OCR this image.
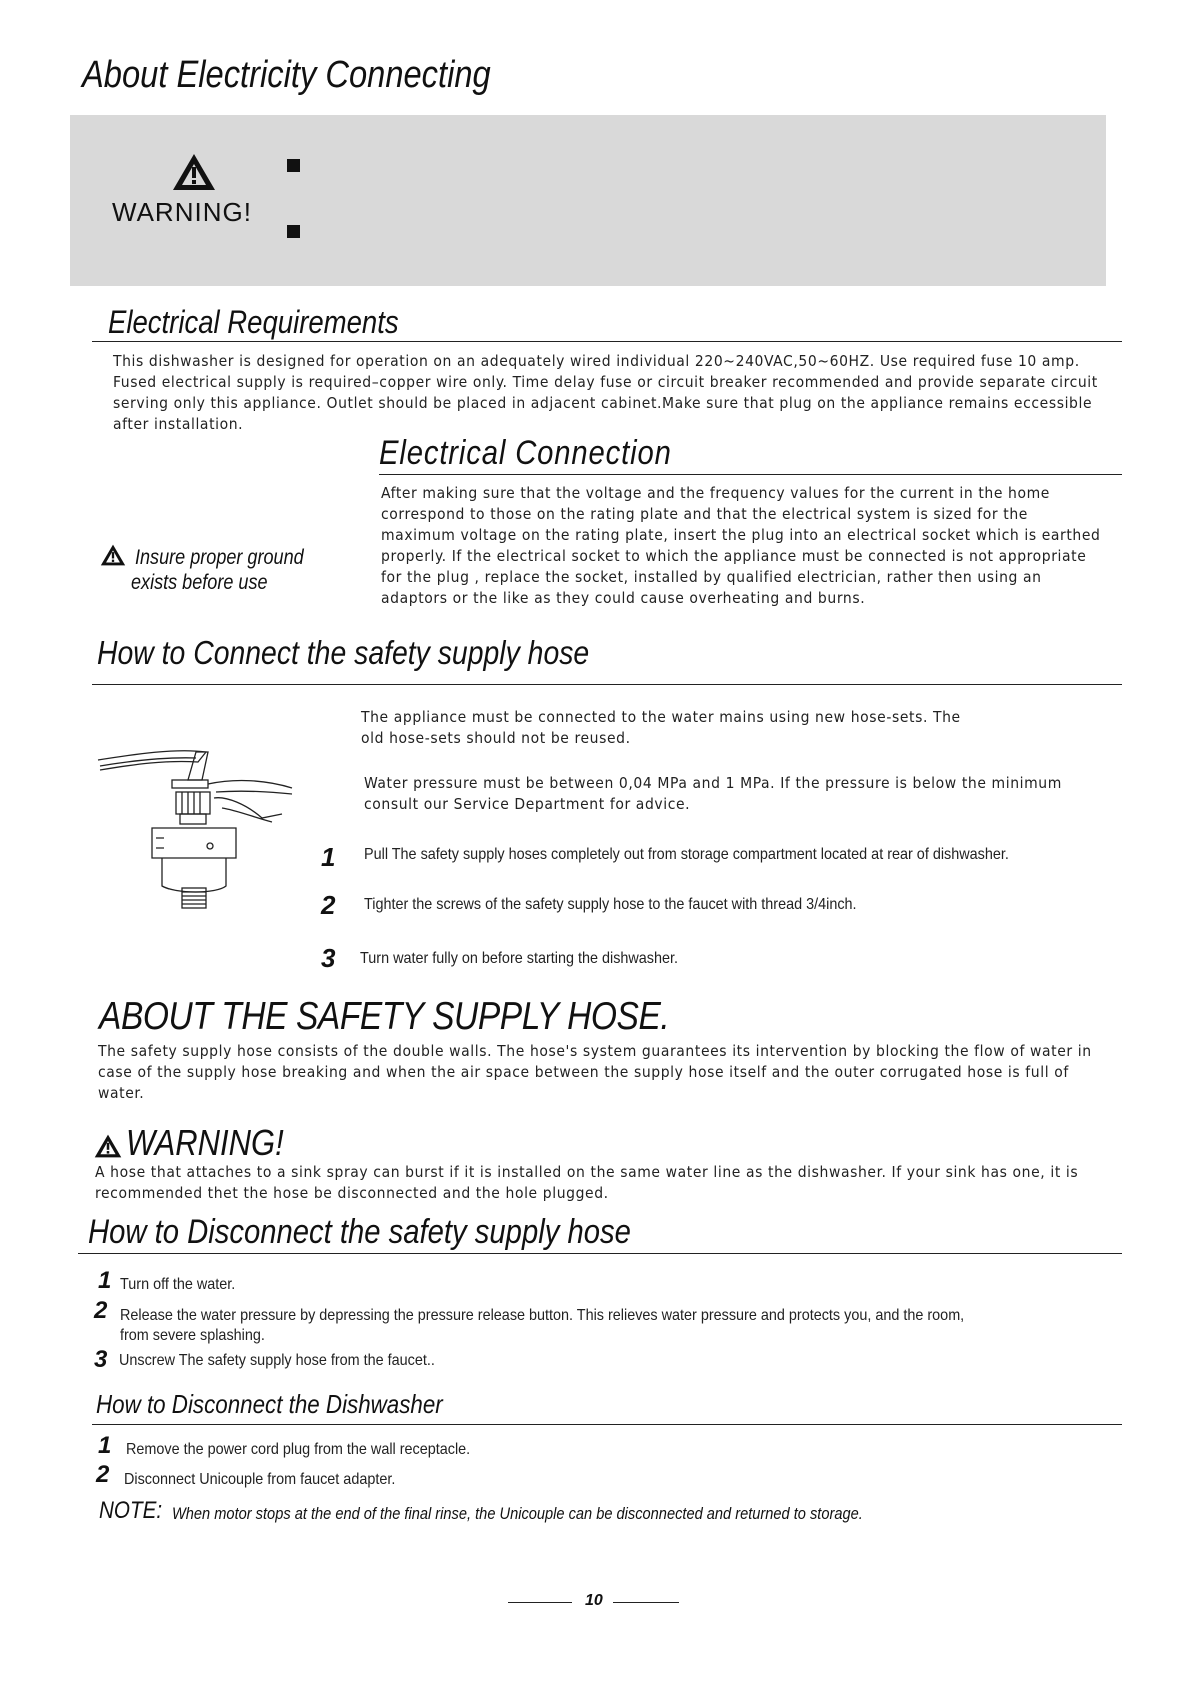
About Electricity Connecting
WARNING!
Electrical Requirements
This dishwasher is designed for operation on an adequately wired individual 220~240VAC,50~60HZ. Use required fuse 10 amp. Fused electrical supply is required–copper wire only. Time delay fuse or circuit breaker recommended and provide separate circuit serving only this appliance. Outlet should be placed in adjacent cabinet.Make sure that plug on the appliance remains eccessible after installation.
Electrical Connection
After making sure that the voltage and the frequency values for the current in the home correspond to those on the rating plate and that the electrical system is sized for the maximum voltage on the rating plate, insert the plug into an electrical socket which is earthed properly. If the electrical socket to which the appliance must be connected is not appropriate for the plug , replace the socket, installed by qualified electrician, rather then using an adaptors or the like as they could cause overheating and burns.
Insure proper ground
exists before use
How to Connect the safety supply hose
The appliance must be connected to the water mains using new hose-sets. The old hose-sets should not be reused.
Water pressure must be between 0,04 MPa and 1 MPa. If the pressure is below the minimum consult our Service Department for advice.
1 Pull The safety supply hoses completely out from storage compartment located at rear of dishwasher.
2 Tighter the screws of the safety supply hose to the faucet with thread 3/4inch.
3 Turn water fully on before starting the dishwasher.
ABOUT THE SAFETY SUPPLY HOSE.
The safety supply hose consists of the double walls. The hose's system guarantees its intervention by blocking the flow of water in case of the supply hose breaking and when the air space between the supply hose itself and the outer corrugated hose is full of water.
WARNING!
A hose that attaches to a sink spray can burst if it is installed on the same water line as the dishwasher. If your sink has one, it is recommended thet the hose be disconnected and the hole plugged.
How to Disconnect the safety supply hose
1 Turn off the water.
2 Release the water pressure by depressing the pressure release button. This relieves water pressure and protects you, and the room, from severe splashing.
3 Unscrew The safety supply hose from the faucet..
How to Disconnect the Dishwasher
1 Remove the power cord plug from the wall receptacle.
2 Disconnect Unicouple from faucet adapter.
NOTE: When motor stops at the end of the final rinse, the Unicouple can be disconnected and returned to storage.
10
